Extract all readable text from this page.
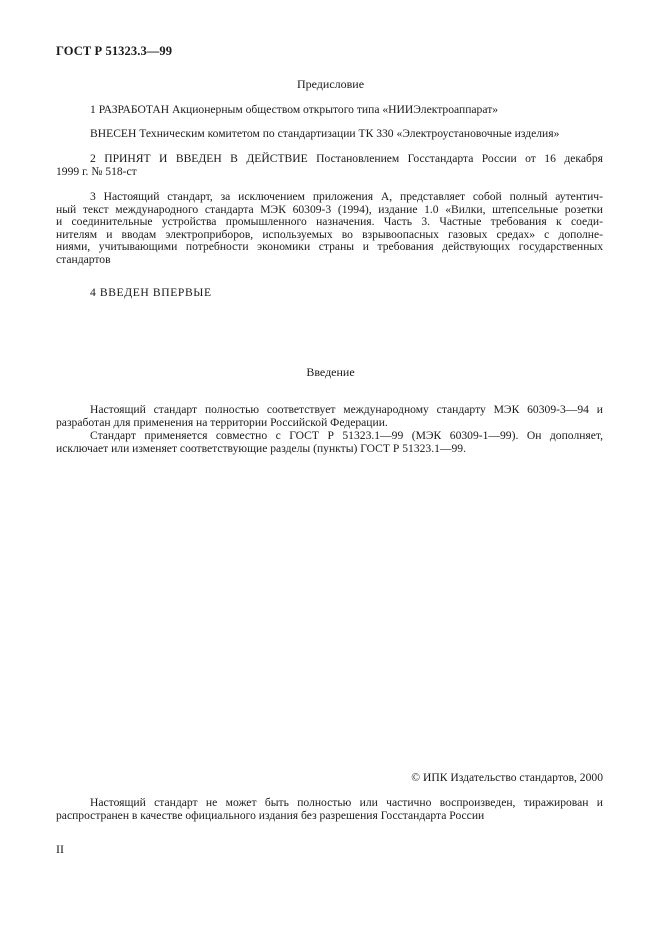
ГОСТ Р 51323.3—99
Предисловие
1 РАЗРАБОТАН Акционерным обществом открытого типа «НИИЭлектроаппарат»
ВНЕСЕН Техническим комитетом по стандартизации ТК 330 «Электроустановочные изделия»
2 ПРИНЯТ И ВВЕДЕН В ДЕЙСТВИЕ Постановлением Госстандарта России от 16 декабря
1999 г. № 518-ст
3 Настоящий стандарт, за исключением приложения А, представляет собой полный аутентич-
ный текст международного стандарта МЭК 60309-3 (1994), издание 1.0 «Вилки, штепсельные розетки
и соединительные устройства промышленного назначения. Часть 3. Частные требования к соеди-
нителям и вводам электроприборов, используемых во взрывоопасных газовых средах» с дополне-
ниями, учитывающими потребности экономики страны и требования действующих государственных
стандартов
4 ВВЕДЕН ВПЕРВЫЕ
Введение
Настоящий стандарт полностью соответствует международному стандарту МЭК 60309-3—94 и
разработан для применения на территории Российской Федерации.
Стандарт применяется совместно с ГОСТ Р 51323.1—99 (МЭК 60309-1—99). Он дополняет,
исключает или изменяет соответствующие разделы (пункты) ГОСТ Р 51323.1—99.
© ИПК Издательство стандартов, 2000
Настоящий стандарт не может быть полностью или частично воспроизведен, тиражирован и
распространен в качестве официального издания без разрешения Госстандарта России
II
